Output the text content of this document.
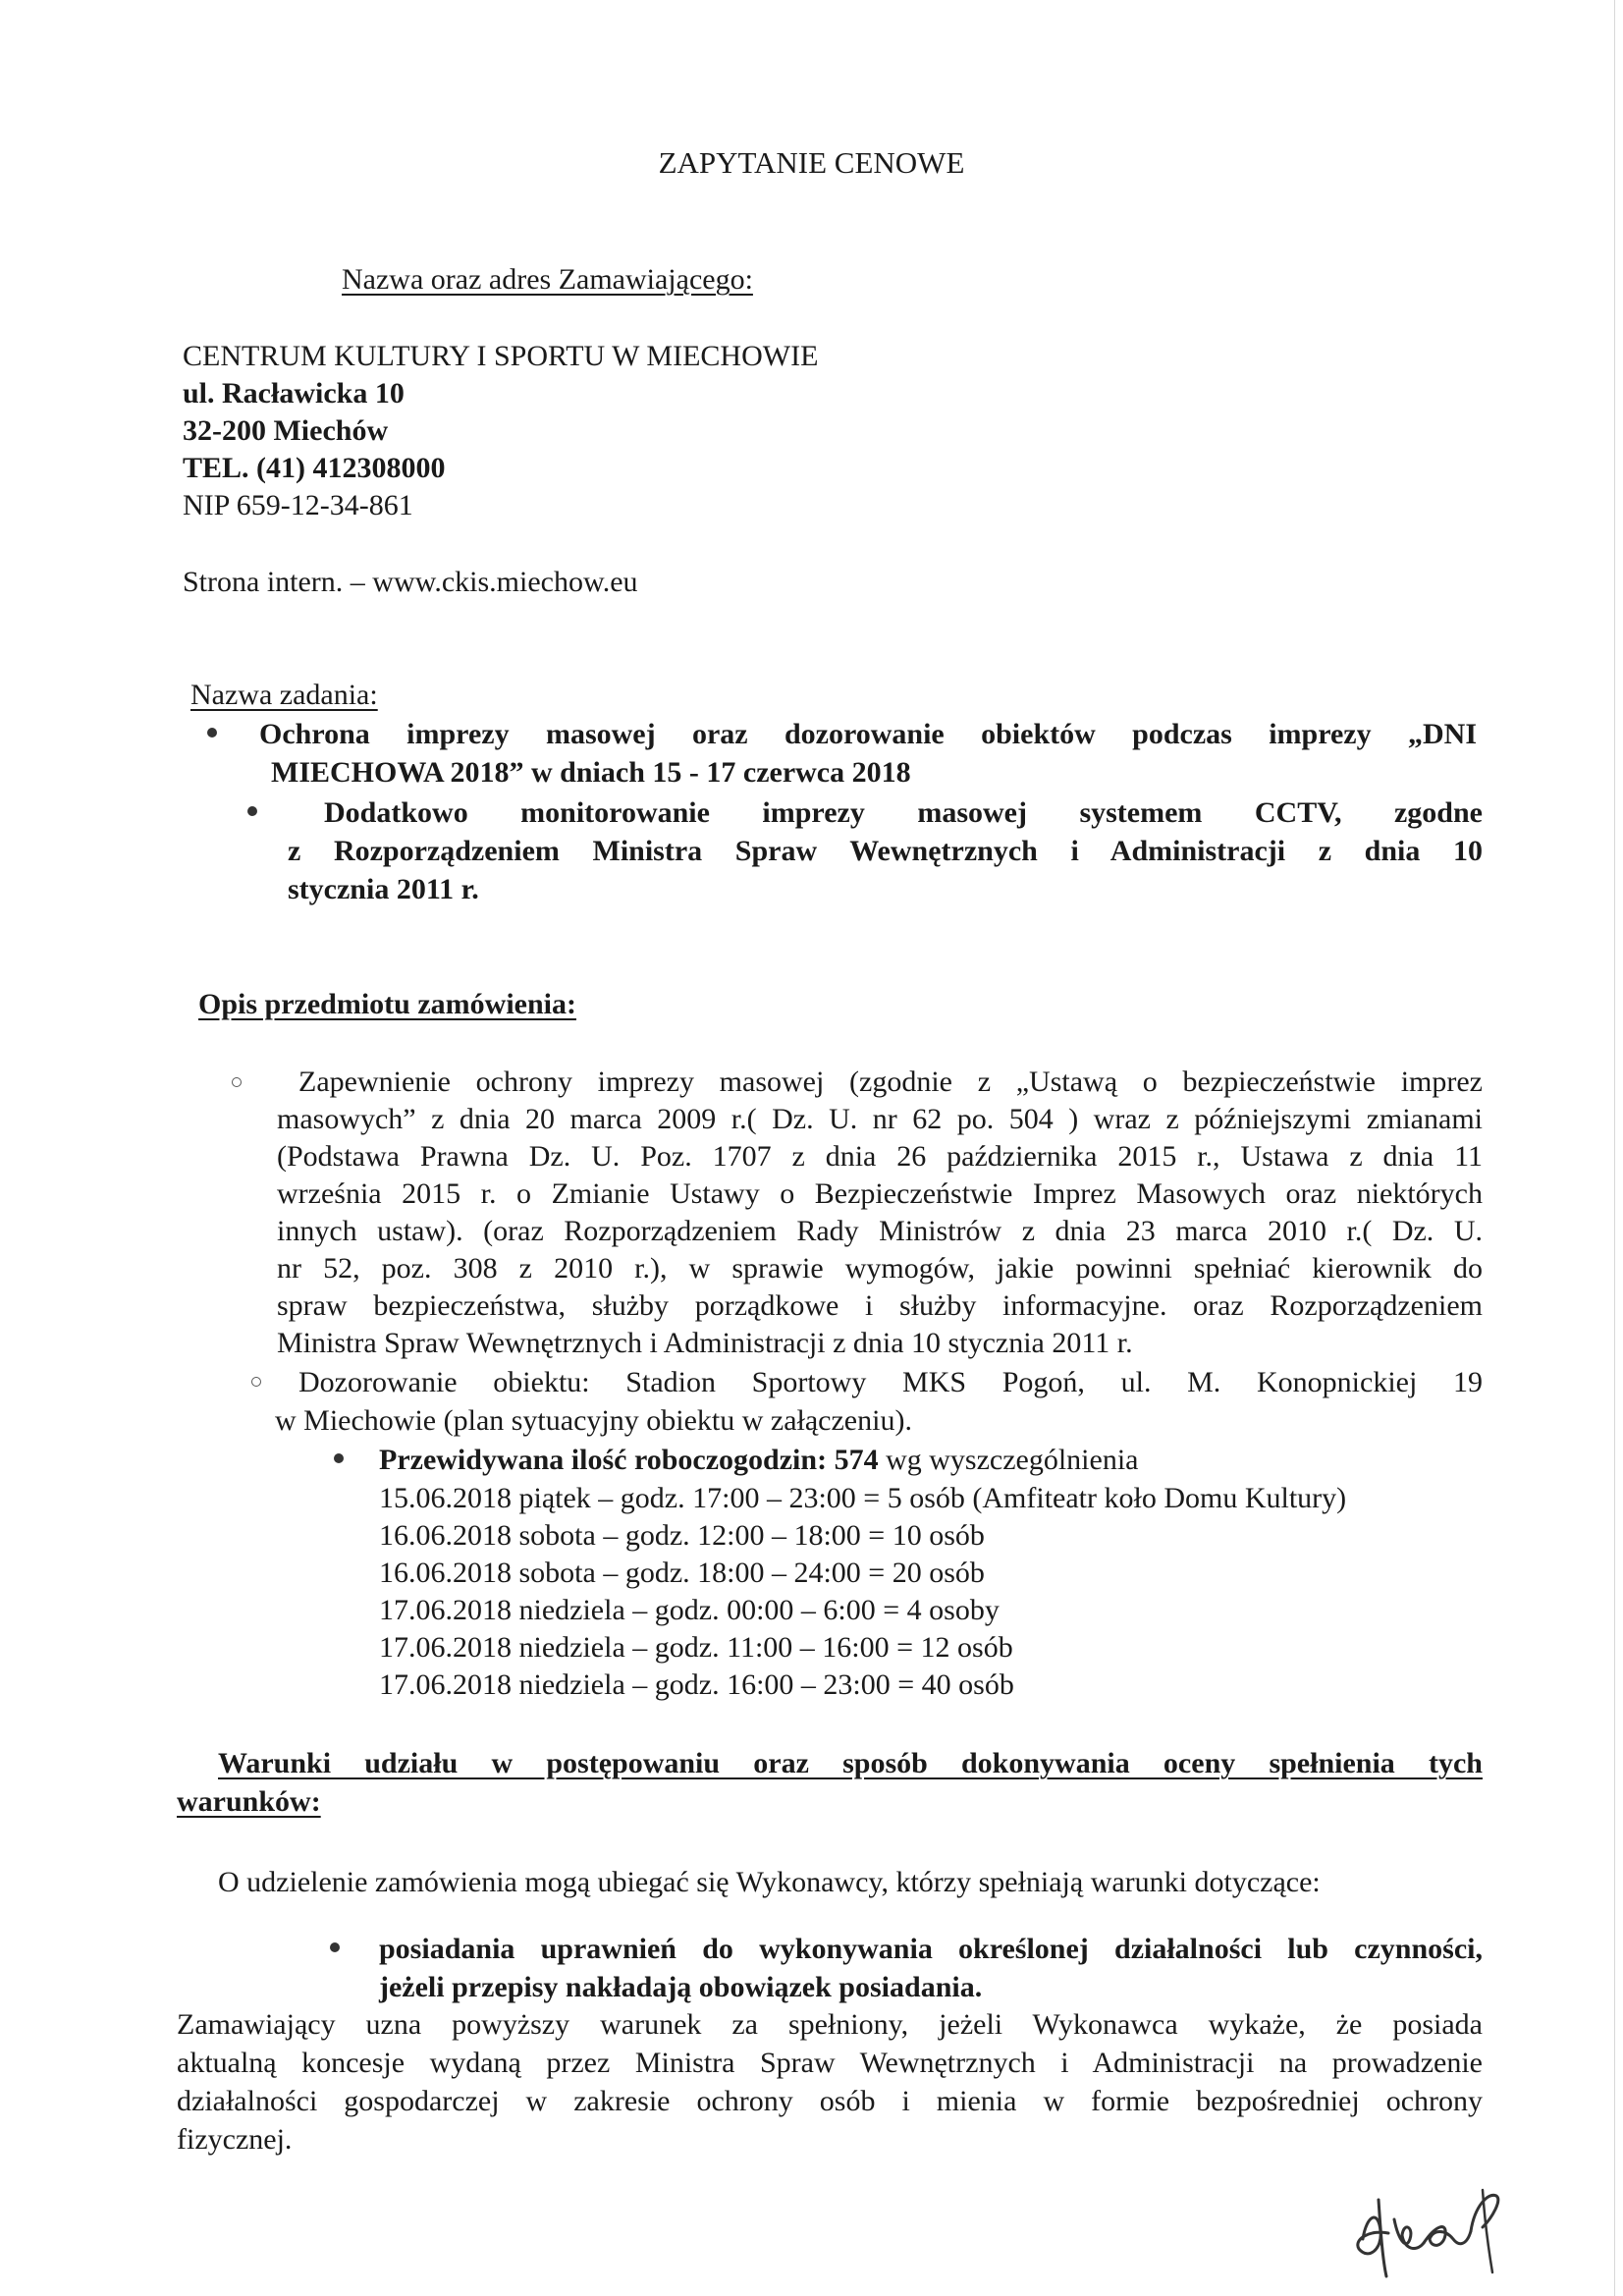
ZAPYTANIE CENOWE
Nazwa oraz adres Zamawiającego:
CENTRUM KULTURY I SPORTU W MIECHOWIE
ul. Racławicka 10
32-200 Miechów
TEL. (41) 412308000
NIP 659-12-34-861
Strona intern. – www.ckis.miechow.eu
Nazwa zadania:
Ochrona imprezy masowej oraz dozorowanie obiektów podczas imprezy „DNI
MIECHOWA 2018” w dniach 15 - 17 czerwca 2018
Dodatkowo monitorowanie imprezy masowej systemem CCTV, zgodne
z Rozporządzeniem Ministra Spraw Wewnętrznych i Administracji z dnia 10
stycznia 2011 r.
Opis przedmiotu zamówienia:
Zapewnienie ochrony imprezy masowej (zgodnie z „Ustawą o bezpieczeństwie imprez
masowych” z dnia 20 marca 2009 r.( Dz. U. nr 62 po. 504 ) wraz z późniejszymi zmianami
(Podstawa Prawna Dz. U. Poz. 1707 z dnia 26 października 2015 r., Ustawa z dnia 11
września 2015 r. o Zmianie Ustawy o Bezpieczeństwie Imprez Masowych oraz niektórych
innych ustaw). (oraz Rozporządzeniem Rady Ministrów z dnia 23 marca 2010 r.( Dz. U.
nr 52, poz. 308 z 2010 r.), w sprawie wymogów, jakie powinni spełniać kierownik do
spraw bezpieczeństwa, służby porządkowe i służby informacyjne. oraz Rozporządzeniem
Ministra Spraw Wewnętrznych i Administracji z dnia 10 stycznia 2011 r.
Dozorowanie obiektu: Stadion Sportowy MKS Pogoń, ul. M. Konopnickiej 19
w Miechowie (plan sytuacyjny obiektu w załączeniu).
Przewidywana ilość roboczogodzin: 574 wg wyszczególnienia
15.06.2018 piątek – godz. 17:00 – 23:00 = 5 osób (Amfiteatr koło Domu Kultury)
16.06.2018 sobota – godz. 12:00 – 18:00 = 10 osób
16.06.2018 sobota – godz. 18:00 – 24:00 = 20 osób
17.06.2018 niedziela – godz. 00:00 – 6:00 = 4 osoby
17.06.2018 niedziela – godz. 11:00 – 16:00 = 12 osób
17.06.2018 niedziela – godz. 16:00 – 23:00 = 40 osób
Warunki udziału w postępowaniu oraz sposób dokonywania oceny spełnienia tych
warunków:
O udzielenie zamówienia mogą ubiegać się Wykonawcy, którzy spełniają warunki dotyczące:
posiadania uprawnień do wykonywania określonej działalności lub czynności,
jeżeli przepisy nakładają obowiązek posiadania.
Zamawiający uzna powyższy warunek za spełniony, jeżeli Wykonawca wykaże, że posiada
aktualną koncesje wydaną przez Ministra Spraw Wewnętrznych i Administracji na prowadzenie
działalności gospodarczej w zakresie ochrony osób i mienia w formie bezpośredniej ochrony
fizycznej.
